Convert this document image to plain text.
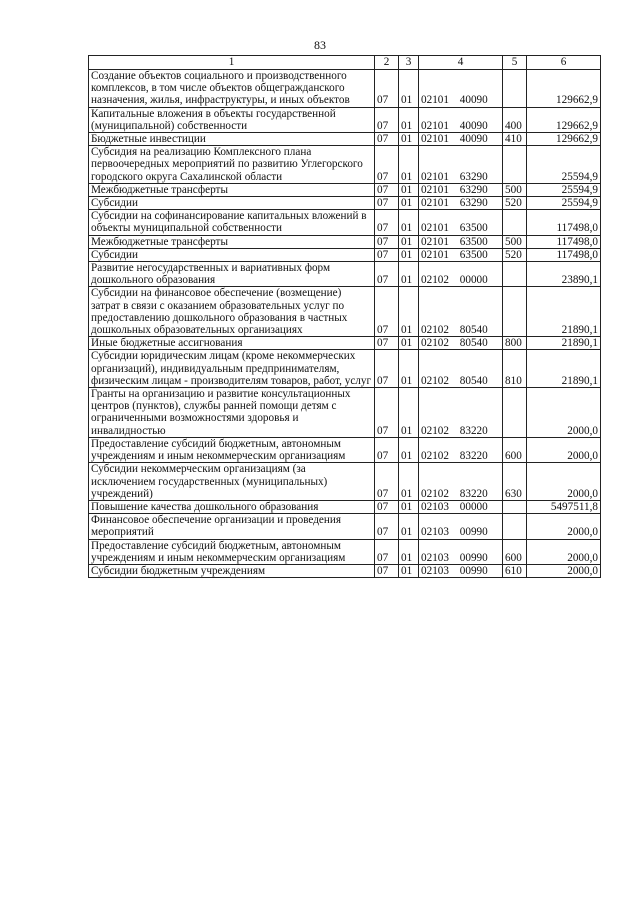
83
1	2	3	4	5	6
Создание объектов социального и производственного комплексов, в том числе объектов общегражданского назначения, жилья, инфраструктуры, и иных объектов	07	01	02101 40090		129662,9
Капитальные вложения в объекты государственной (муниципальной) собственности	07	01	02101 40090	400	129662,9
Бюджетные инвестиции	07	01	02101 40090	410	129662,9
Субсидия на реализацию Комплексного плана первоочередных мероприятий по развитию Углегорского городского округа Сахалинской области	07	01	02101 63290		25594,9
Межбюджетные трансферты	07	01	02101 63290	500	25594,9
Субсидии	07	01	02101 63290	520	25594,9
Субсидии на софинансирование капитальных вложений в объекты муниципальной собственности	07	01	02101 63500		117498,0
Межбюджетные трансферты	07	01	02101 63500	500	117498,0
Субсидии	07	01	02101 63500	520	117498,0
Развитие негосударственных и вариативных форм дошкольного образования	07	01	02102 00000		23890,1
Субсидии на финансовое обеспечение (возмещение) затрат в связи с оказанием образовательных услуг по предоставлению дошкольного образования в частных дошкольных образовательных организациях	07	01	02102 80540		21890,1
Иные бюджетные ассигнования	07	01	02102 80540	800	21890,1
Субсидии юридическим лицам (кроме некоммерческих организаций), индивидуальным предпринимателям, физическим лицам - производителям товаров, работ, услуг	07	01	02102 80540	810	21890,1
Гранты на организацию и развитие консультационных центров (пунктов), службы ранней помощи детям с ограниченными возможностями здоровья и инвалидностью	07	01	02102 83220		2000,0
Предоставление субсидий бюджетным, автономным учреждениям и иным некоммерческим организациям	07	01	02102 83220	600	2000,0
Субсидии некоммерческим организациям (за исключением государственных (муниципальных) учреждений)	07	01	02102 83220	630	2000,0
Повышение качества дошкольного образования	07	01	02103 00000		5497511,8
Финансовое обеспечение организации и проведения мероприятий	07	01	02103 00990		2000,0
Предоставление субсидий бюджетным, автономным учреждениям и иным некоммерческим организациям	07	01	02103 00990	600	2000,0
Субсидии бюджетным учреждениям	07	01	02103 00990	610	2000,0
